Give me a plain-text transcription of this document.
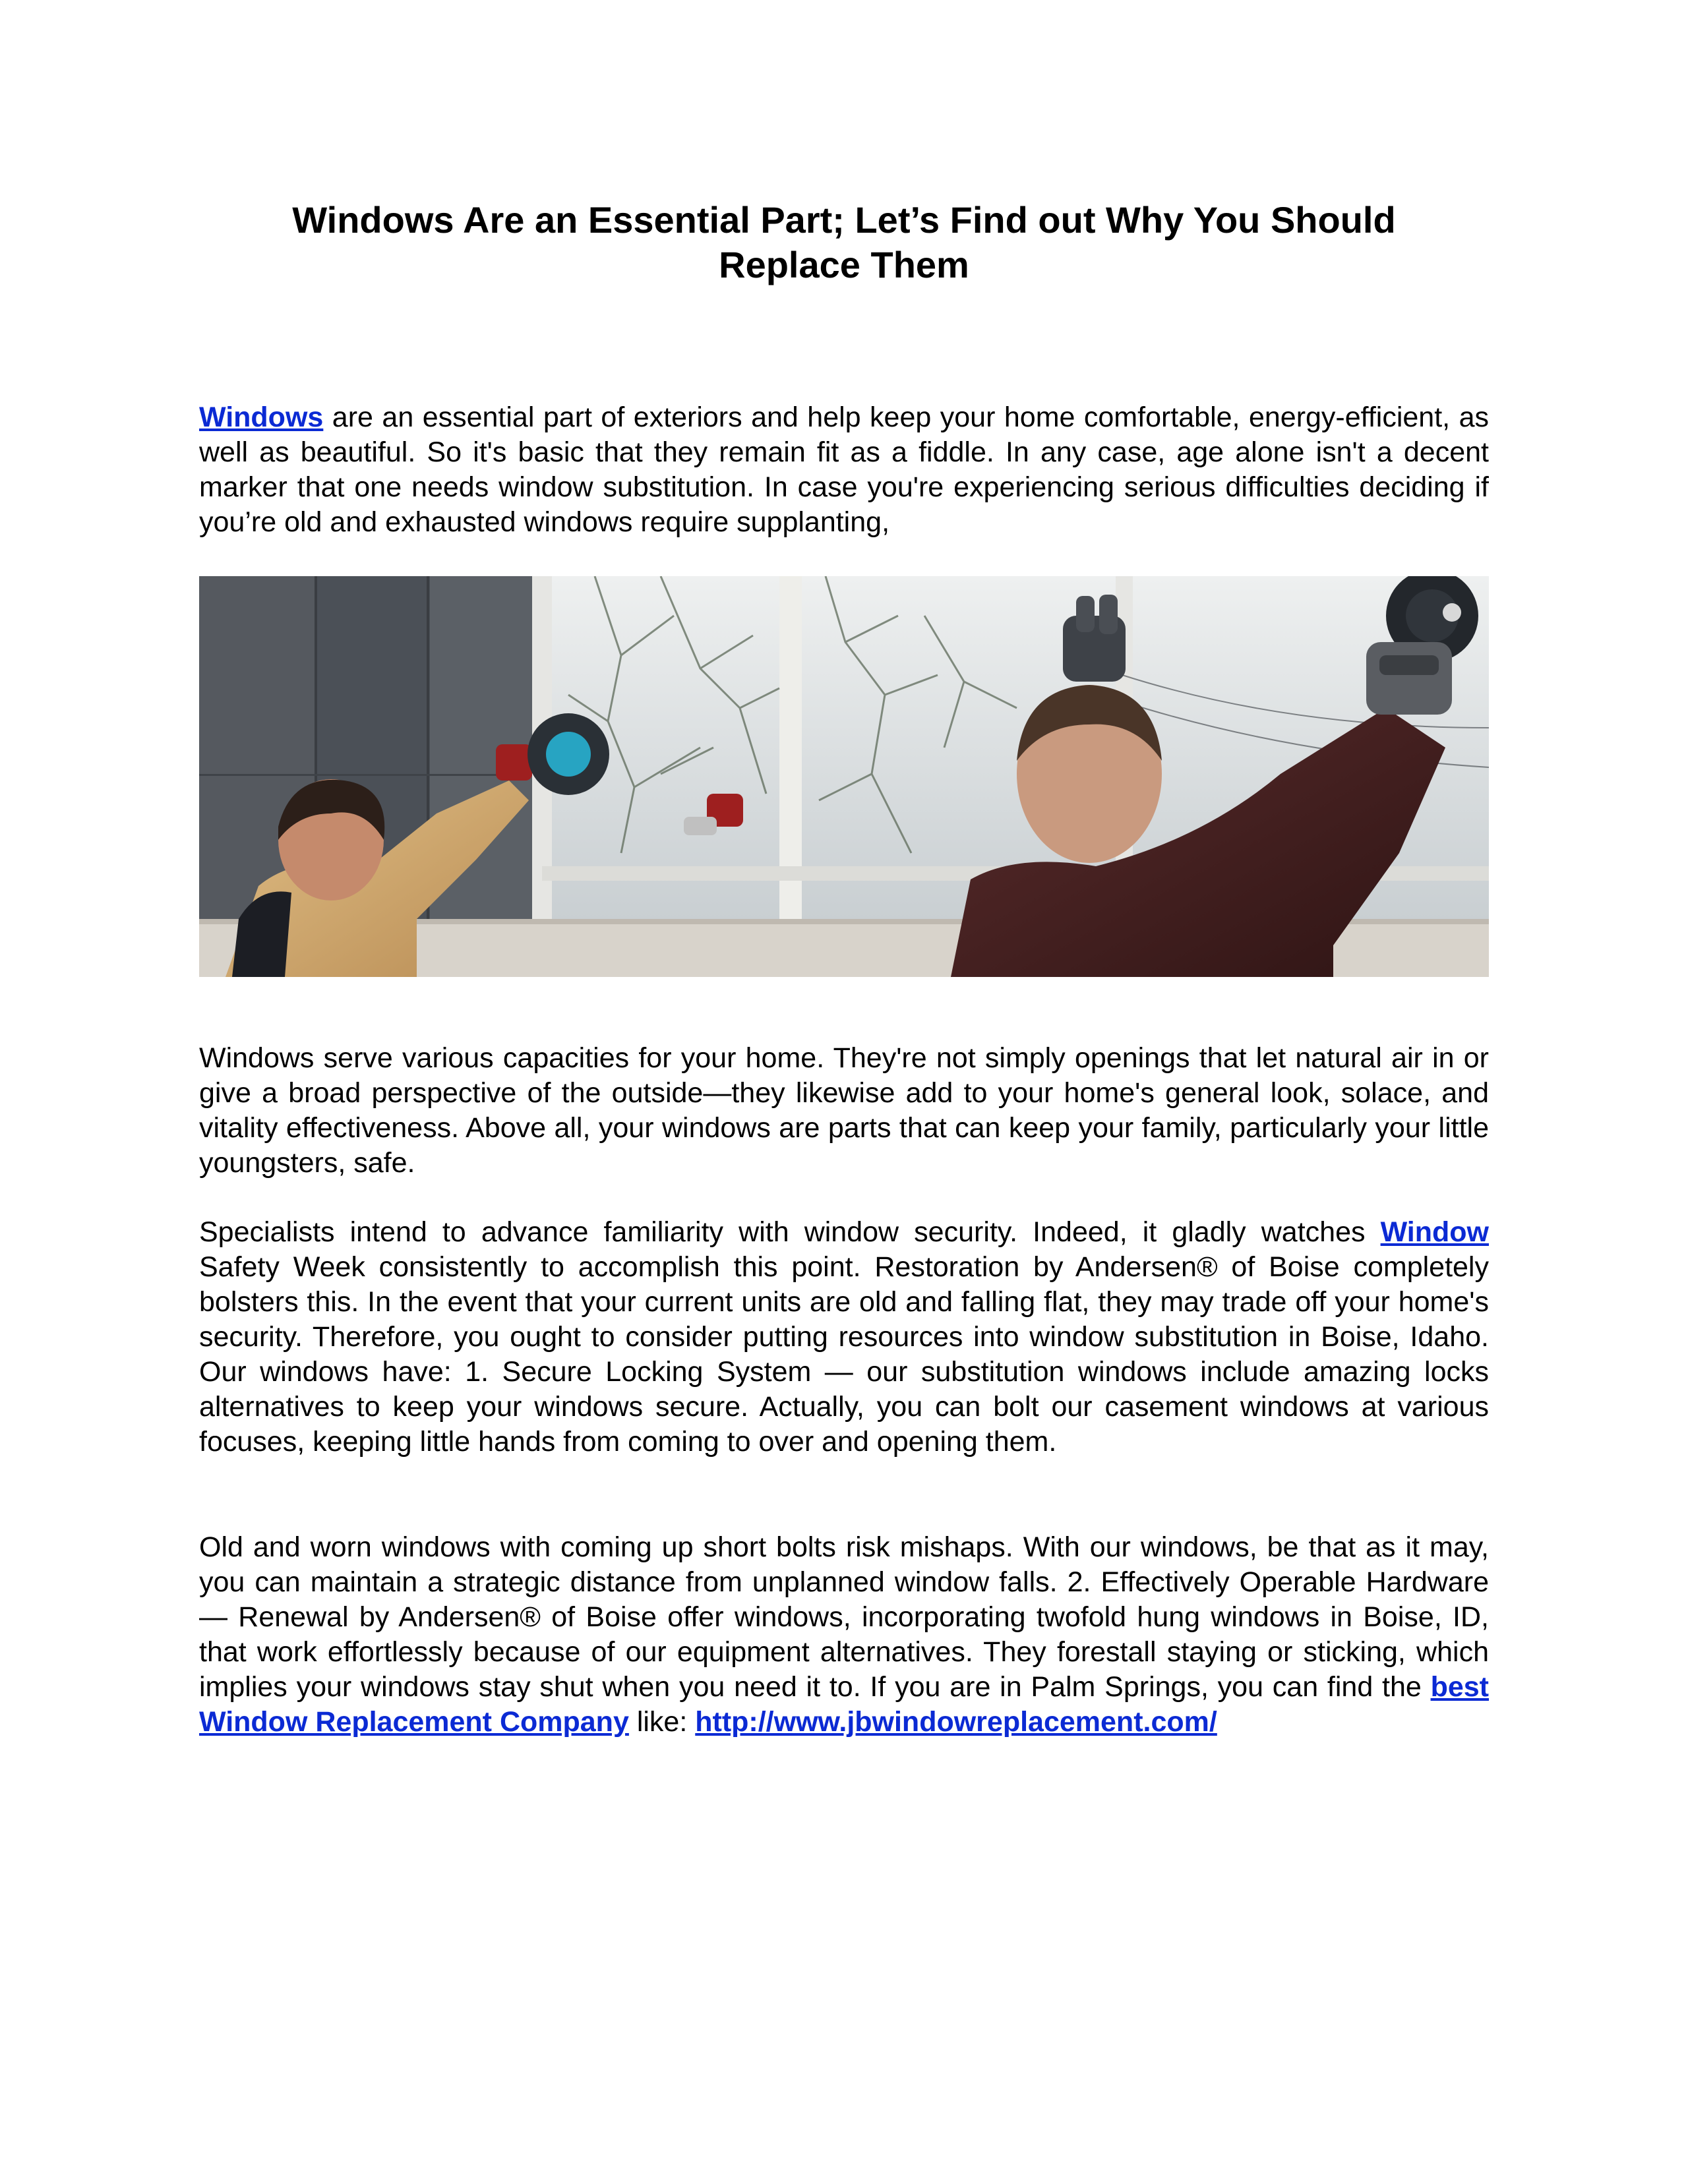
Windows Are an Essential Part; Let’s Find out Why You Should
Replace Them

Windows are an essential part of exteriors and help keep your home comfortable, energy-efficient, as well as beautiful. So it's basic that they remain fit as a fiddle. In any case, age alone isn't a decent marker that one needs window substitution. In case you're experiencing serious difficulties deciding if you’re old and exhausted windows require supplanting,

Windows serve various capacities for your home. They're not simply openings that let natural air in or give a broad perspective of the outside—they likewise add to your home's general look, solace, and vitality effectiveness. Above all, your windows are parts that can keep your family, particularly your little youngsters, safe.

Specialists intend to advance familiarity with window security. Indeed, it gladly watches Window Safety Week consistently to accomplish this point. Restoration by Andersen® of Boise completely bolsters this. In the event that your current units are old and falling flat, they may trade off your home's security. Therefore, you ought to consider putting resources into window substitution in Boise, Idaho. Our windows have: 1. Secure Locking System — our substitution windows include amazing locks alternatives to keep your windows secure. Actually, you can bolt our casement windows at various focuses, keeping little hands from coming to over and opening them.

Old and worn windows with coming up short bolts risk mishaps. With our windows, be that as it may, you can maintain a strategic distance from unplanned window falls. 2. Effectively Operable Hardware — Renewal by Andersen® of Boise offer windows, incorporating twofold hung windows in Boise, ID, that work effortlessly because of our equipment alternatives. They forestall staying or sticking, which implies your windows stay shut when you need it to. If you are in Palm Springs, you can find the best Window Replacement Company like: http://www.jbwindowreplacement.com/
